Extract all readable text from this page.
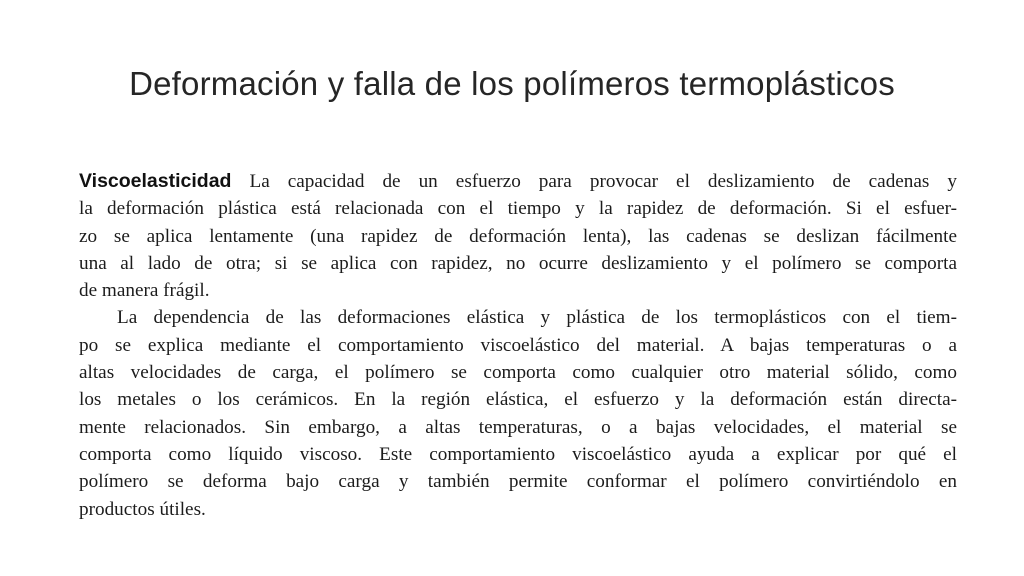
Deformación y falla de los polímeros termoplásticos
Viscoelasticidad La capacidad de un esfuerzo para provocar el deslizamiento de cadenas y
la deformación plástica está relacionada con el tiempo y la rapidez de deformación. Si el esfuer-
zo se aplica lentamente (una rapidez de deformación lenta), las cadenas se deslizan fácilmente
una al lado de otra; si se aplica con rapidez, no ocurre deslizamiento y el polímero se comporta
de manera frágil.
La dependencia de las deformaciones elástica y plástica de los termoplásticos con el tiem-
po se explica mediante el comportamiento viscoelástico del material. A bajas temperaturas o a
altas velocidades de carga, el polímero se comporta como cualquier otro material sólido, como
los metales o los cerámicos. En la región elástica, el esfuerzo y la deformación están directa-
mente relacionados. Sin embargo, a altas temperaturas, o a bajas velocidades, el material se
comporta como líquido viscoso. Este comportamiento viscoelástico ayuda a explicar por qué el
polímero se deforma bajo carga y también permite conformar el polímero convirtiéndolo en
productos útiles.
